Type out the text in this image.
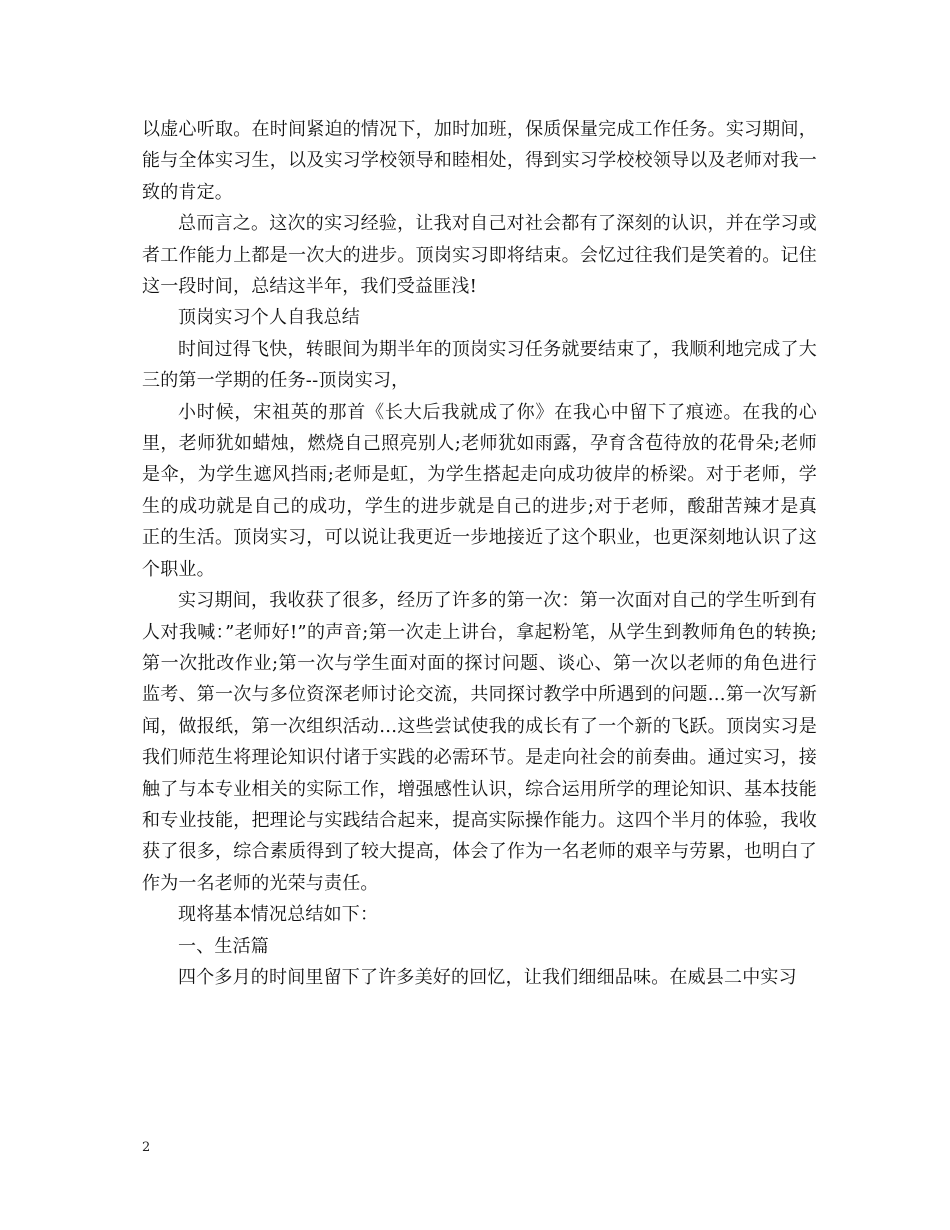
以虚心听取。在时间紧迫的情况下，加时加班，保质保量完成工作任务。实习期间，能与全体实习生，以及实习学校领导和睦相处，得到实习学校校领导以及老师对我一致的肯定。

总而言之。这次的实习经验，让我对自己对社会都有了深刻的认识，并在学习或者工作能力上都是一次大的进步。顶岗实习即将结束。会忆过往我们是笑着的。记住这一段时间，总结这半年，我们受益匪浅!

顶岗实习个人自我总结

时间过得飞快，转眼间为期半年的顶岗实习任务就要结束了，我顺利地完成了大三的第一学期的任务--顶岗实习，

小时候，宋祖英的那首《长大后我就成了你》在我心中留下了痕迹。在我的心里，老师犹如蜡烛，燃烧自己照亮别人;老师犹如雨露，孕育含苞待放的花骨朵;老师是伞，为学生遮风挡雨;老师是虹，为学生搭起走向成功彼岸的桥梁。对于老师，学生的成功就是自己的成功，学生的进步就是自己的进步;对于老师，酸甜苦辣才是真正的生活。顶岗实习，可以说让我更近一步地接近了这个职业，也更深刻地认识了这个职业。

实习期间，我收获了很多，经历了许多的第一次：第一次面对自己的学生听到有人对我喊：”老师好!”的声音;第一次走上讲台，拿起粉笔，从学生到教师角色的转换;第一次批改作业;第一次与学生面对面的探讨问题、谈心、第一次以老师的角色进行监考、第一次与多位资深老师讨论交流，共同探讨教学中所遇到的问题…第一次写新闻，做报纸，第一次组织活动…这些尝试使我的成长有了一个新的飞跃。顶岗实习是我们师范生将理论知识付诸于实践的必需环节。是走向社会的前奏曲。通过实习，接触了与本专业相关的实际工作，增强感性认识，综合运用所学的理论知识、基本技能和专业技能，把理论与实践结合起来，提高实际操作能力。这四个半月的体验，我收获了很多，综合素质得到了较大提高，体会了作为一名老师的艰辛与劳累，也明白了作为一名老师的光荣与责任。

现将基本情况总结如下：

一、生活篇

四个多月的时间里留下了许多美好的回忆，让我们细细品味。在威县二中实习

2
